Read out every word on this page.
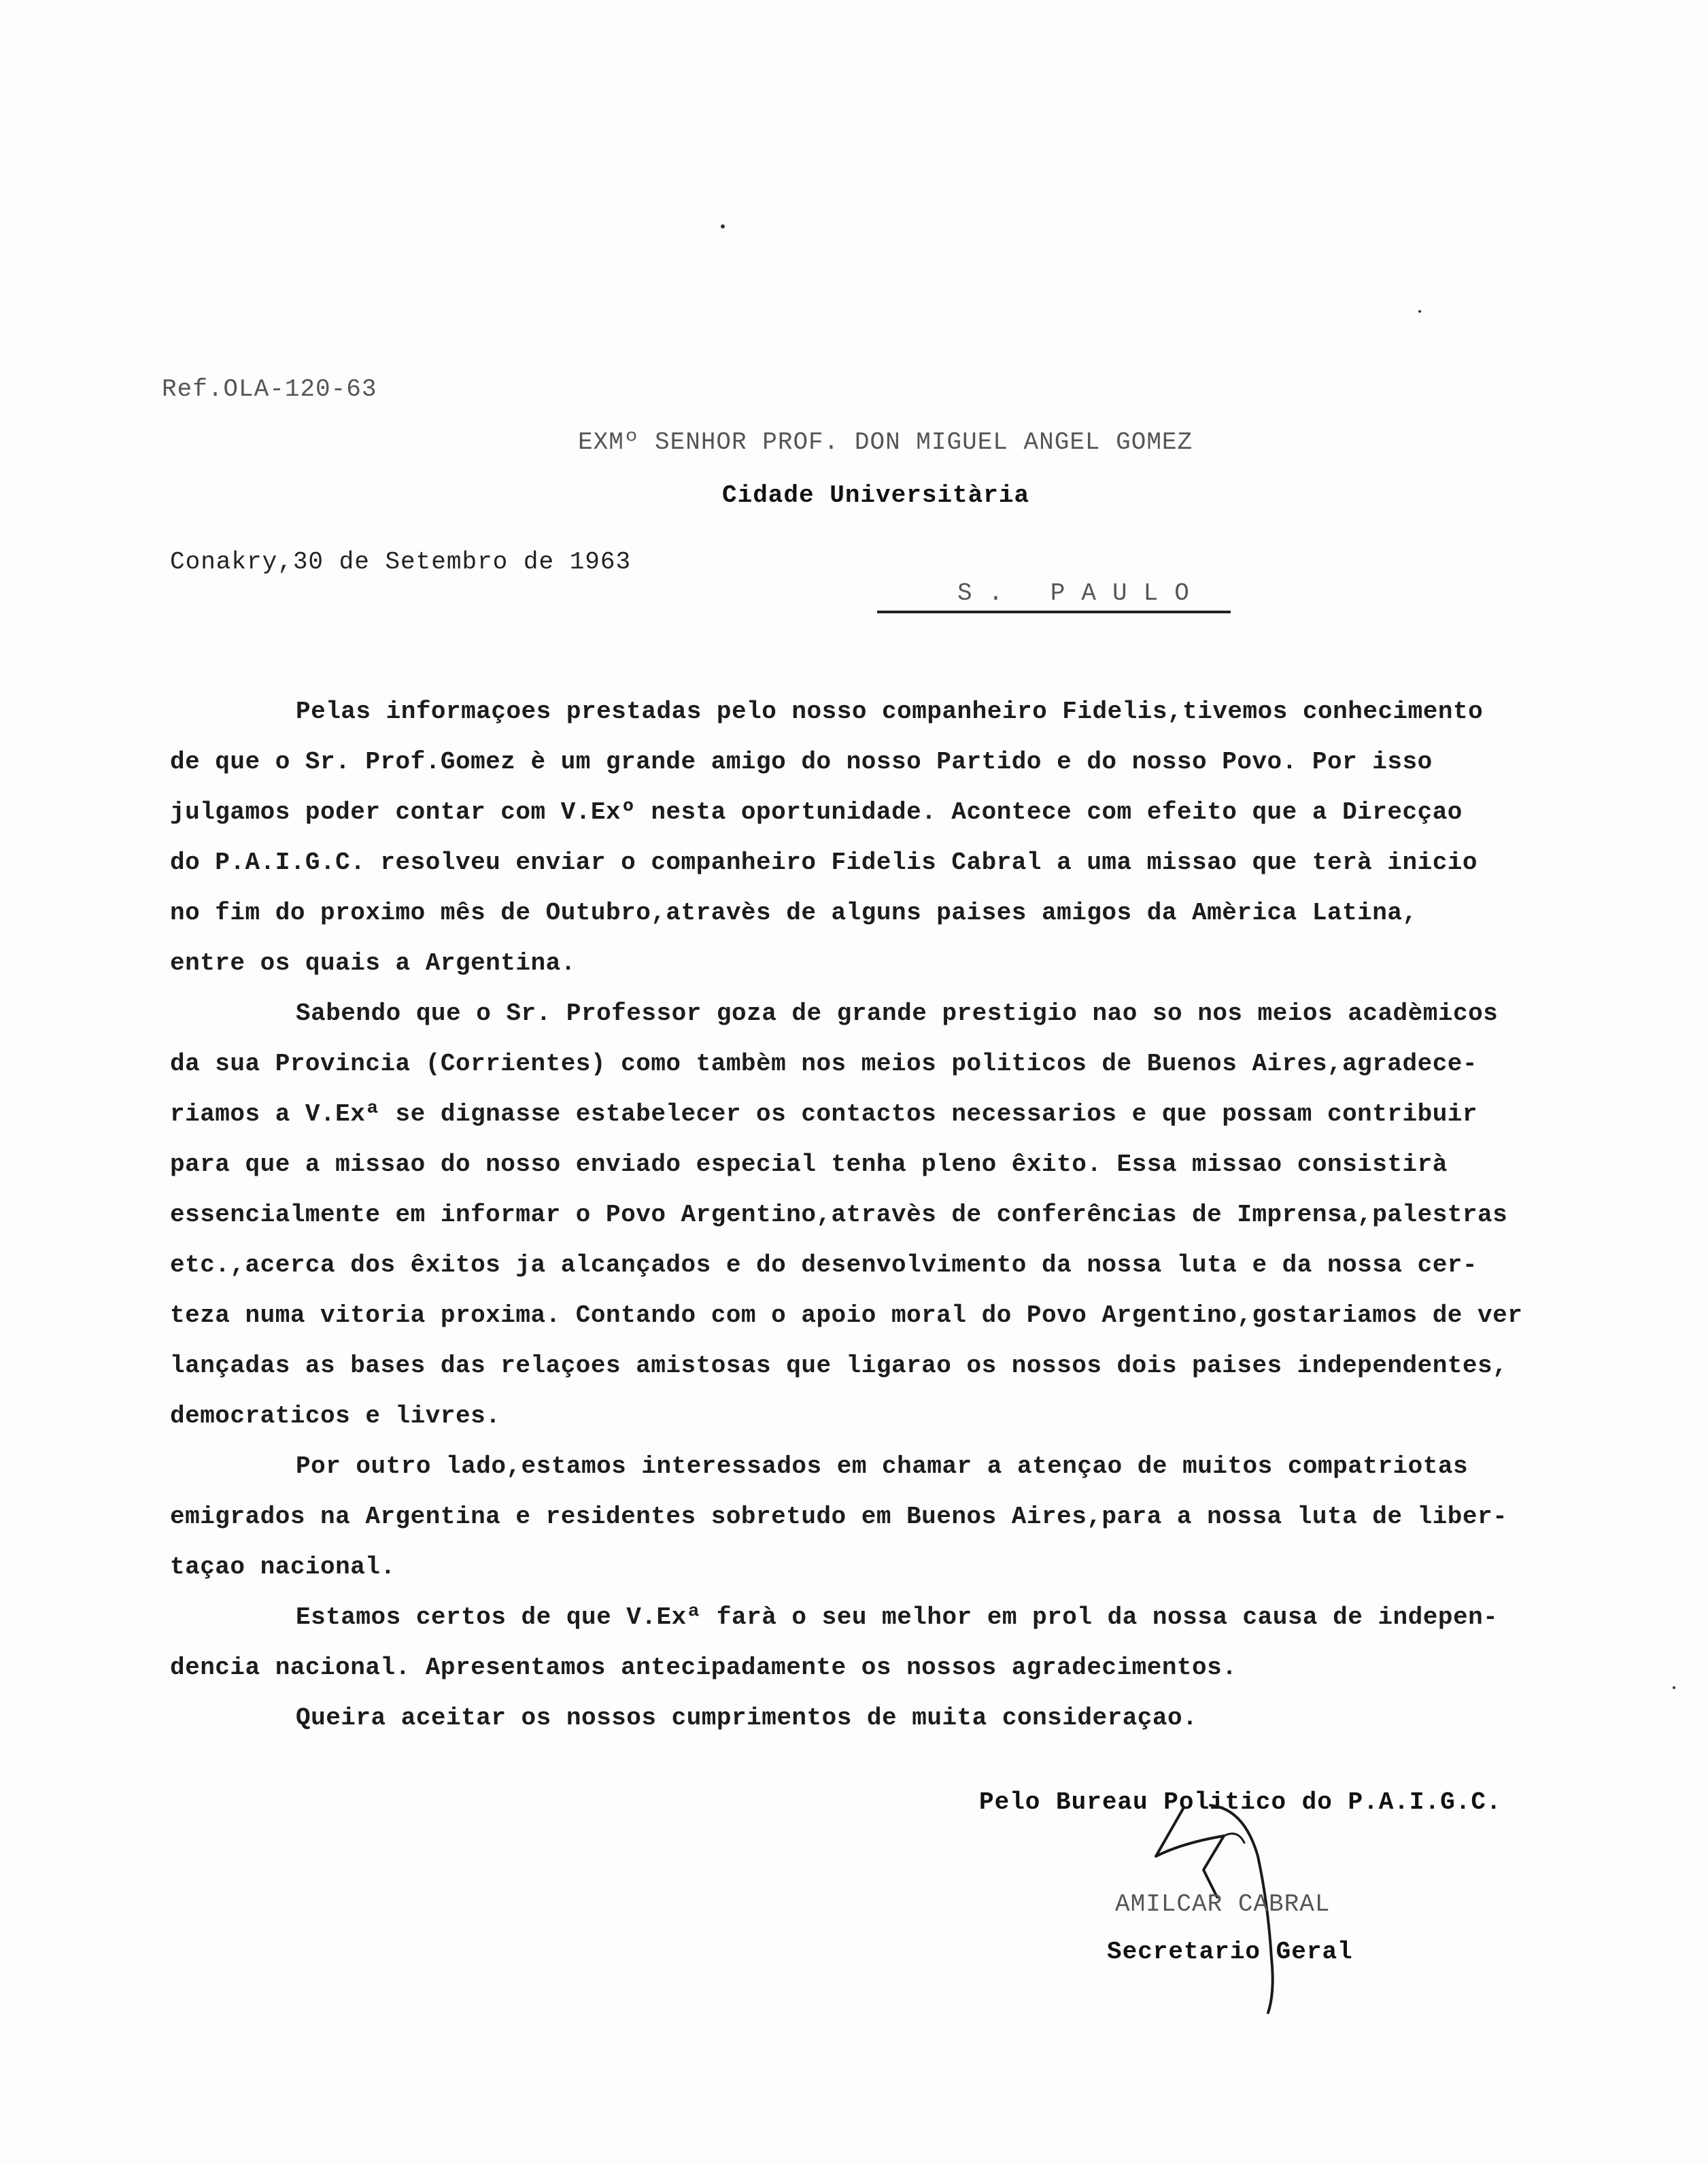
Ref.OLA-120-63
EXMº SENHOR PROF. DON MIGUEL ANGEL GOMEZ
Cidade Universitària
Conakry,30 de Setembro de 1963
S. PAULO
Pelas informaçoes prestadas pelo nosso companheiro Fidelis,tivemos conhecimento
de que o Sr. Prof.Gomez è um grande amigo do nosso Partido e do nosso Povo. Por isso
julgamos poder contar com V.Exº nesta oportunidade. Acontece com efeito que a Direcçao
do P.A.I.G.C. resolveu enviar o companheiro Fidelis Cabral a uma missao que terà inicio
no fim do proximo mês de Outubro,atravès de alguns paises amigos da Amèrica Latina,
entre os quais a Argentina.
Sabendo que o Sr. Professor goza de grande prestigio nao so nos meios acadèmicos
da sua Provincia (Corrientes) como tambèm nos meios politicos de Buenos Aires,agradece-
riamos a V.Exª se dignasse estabelecer os contactos necessarios e que possam contribuir
para que a missao do nosso enviado especial tenha pleno êxito. Essa missao consistirà
essencialmente em informar o Povo Argentino,atravès de conferências de Imprensa,palestras
etc.,acerca dos êxitos ja alcançados e do desenvolvimento da nossa luta e da nossa cer-
teza numa vitoria proxima. Contando com o apoio moral do Povo Argentino,gostariamos de ver
lançadas as bases das relaçoes amistosas que ligarao os nossos dois paises independentes,
democraticos e livres.
Por outro lado,estamos interessados em chamar a atençao de muitos compatriotas
emigrados na Argentina e residentes sobretudo em Buenos Aires,para a nossa luta de liber-
taçao nacional.
Estamos certos de que V.Exª farà o seu melhor em prol da nossa causa de indepen-
dencia nacional. Apresentamos antecipadamente os nossos agradecimentos.
Queira aceitar os nossos cumprimentos de muita consideraçao.
Pelo Bureau Politico do P.A.I.G.C.
AMILCAR CABRAL
Secretario Geral
